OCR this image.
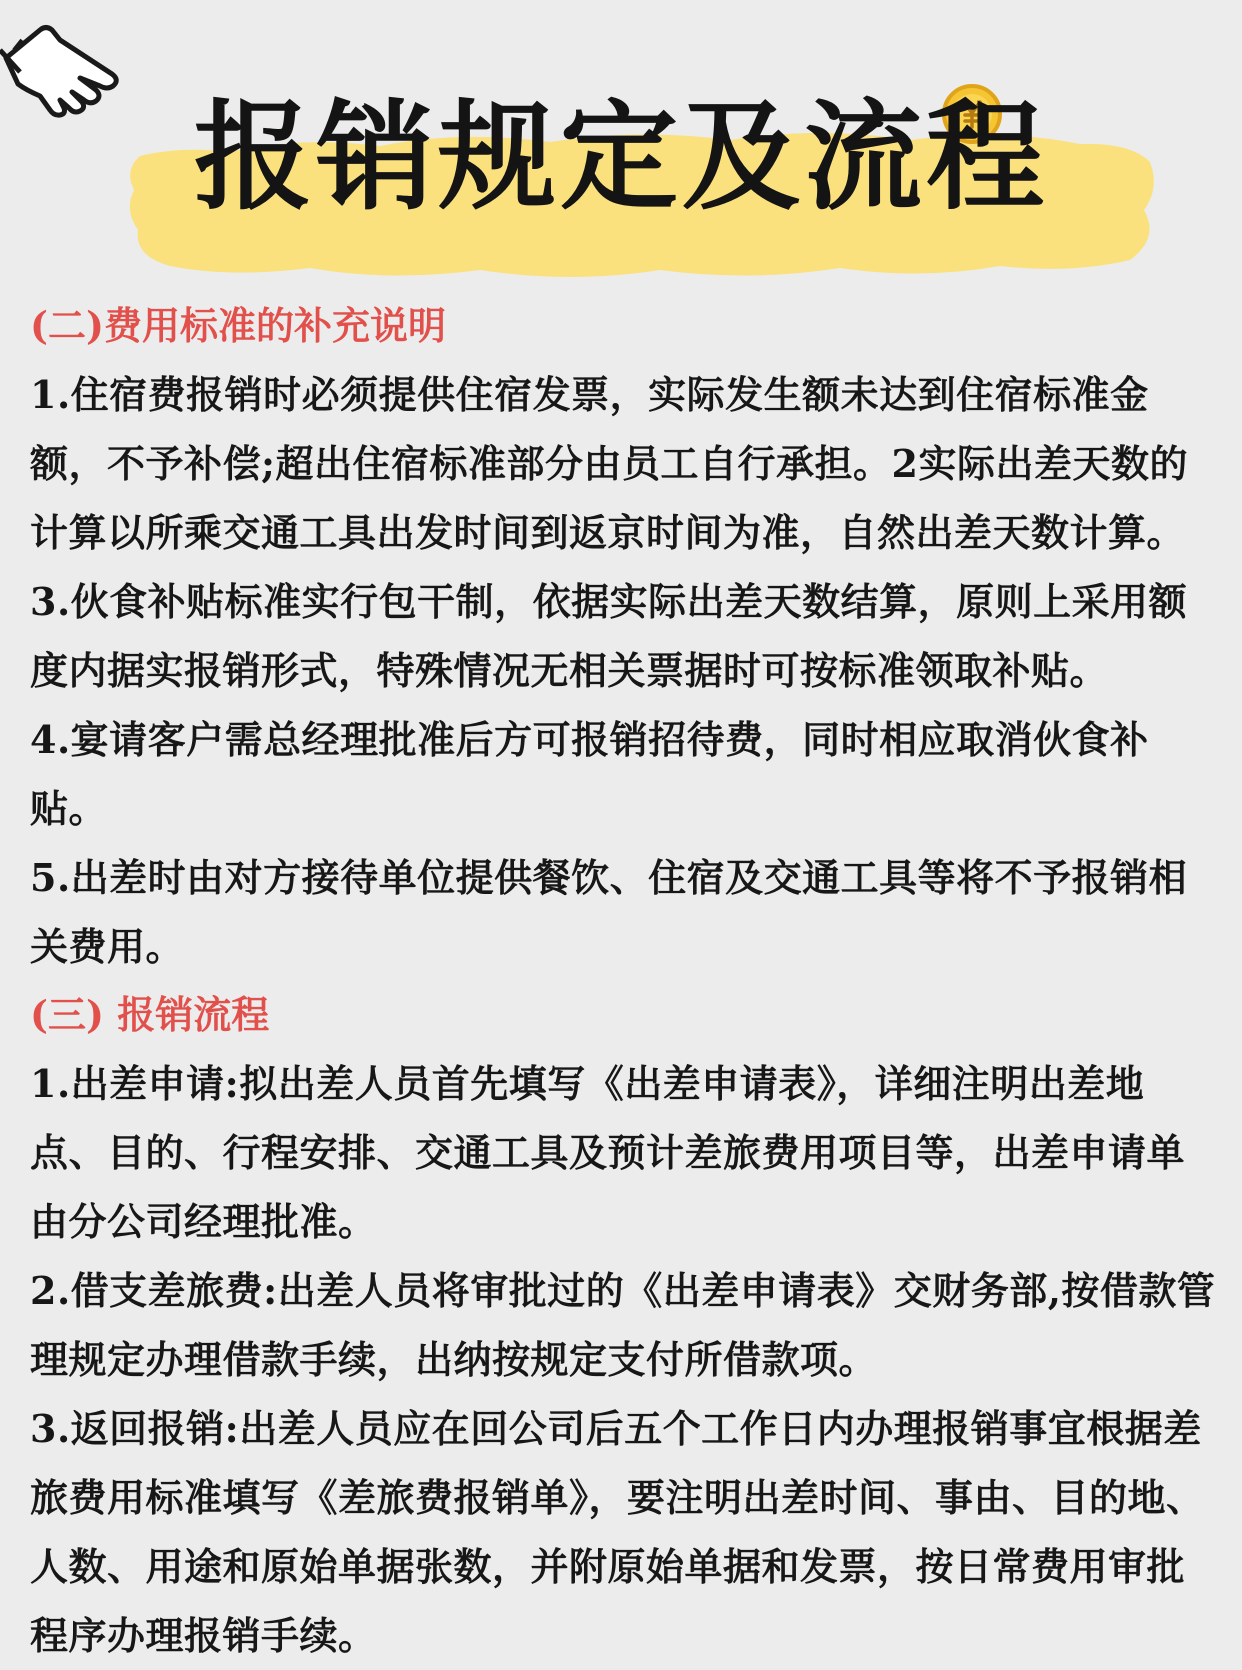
报销规定及流程

(二)费用标准的补充说明

1.住宿费报销时必须提供住宿发票，实际发生额未达到住宿标准金额，不予补偿;超出住宿标准部分由员工自行承担。2实际出差天数的计算以所乘交通工具出发时间到返京时间为准，自然出差天数计算。

3.伙食补贴标准实行包干制，依据实际出差天数结算，原则上采用额度内据实报销形式，特殊情况无相关票据时可按标准领取补贴。

4.宴请客户需总经理批准后方可报销招待费，同时相应取消伙食补贴。

5.出差时由对方接待单位提供餐饮、住宿及交通工具等将不予报销相关费用。

(三) 报销流程

1.出差申请:拟出差人员首先填写《出差申请表》，详细注明出差地点、目的、行程安排、交通工具及预计差旅费用项目等，出差申请单由分公司经理批准。

2.借支差旅费:出差人员将审批过的《出差申请表》交财务部,按借款管理规定办理借款手续，出纳按规定支付所借款项。

3.返回报销:出差人员应在回公司后五个工作日内办理报销事宜根据差旅费用标准填写《差旅费报销单》，要注明出差时间、事由、目的地、人数、用途和原始单据张数，并附原始单据和发票，按日常费用审批程序办理报销手续。
